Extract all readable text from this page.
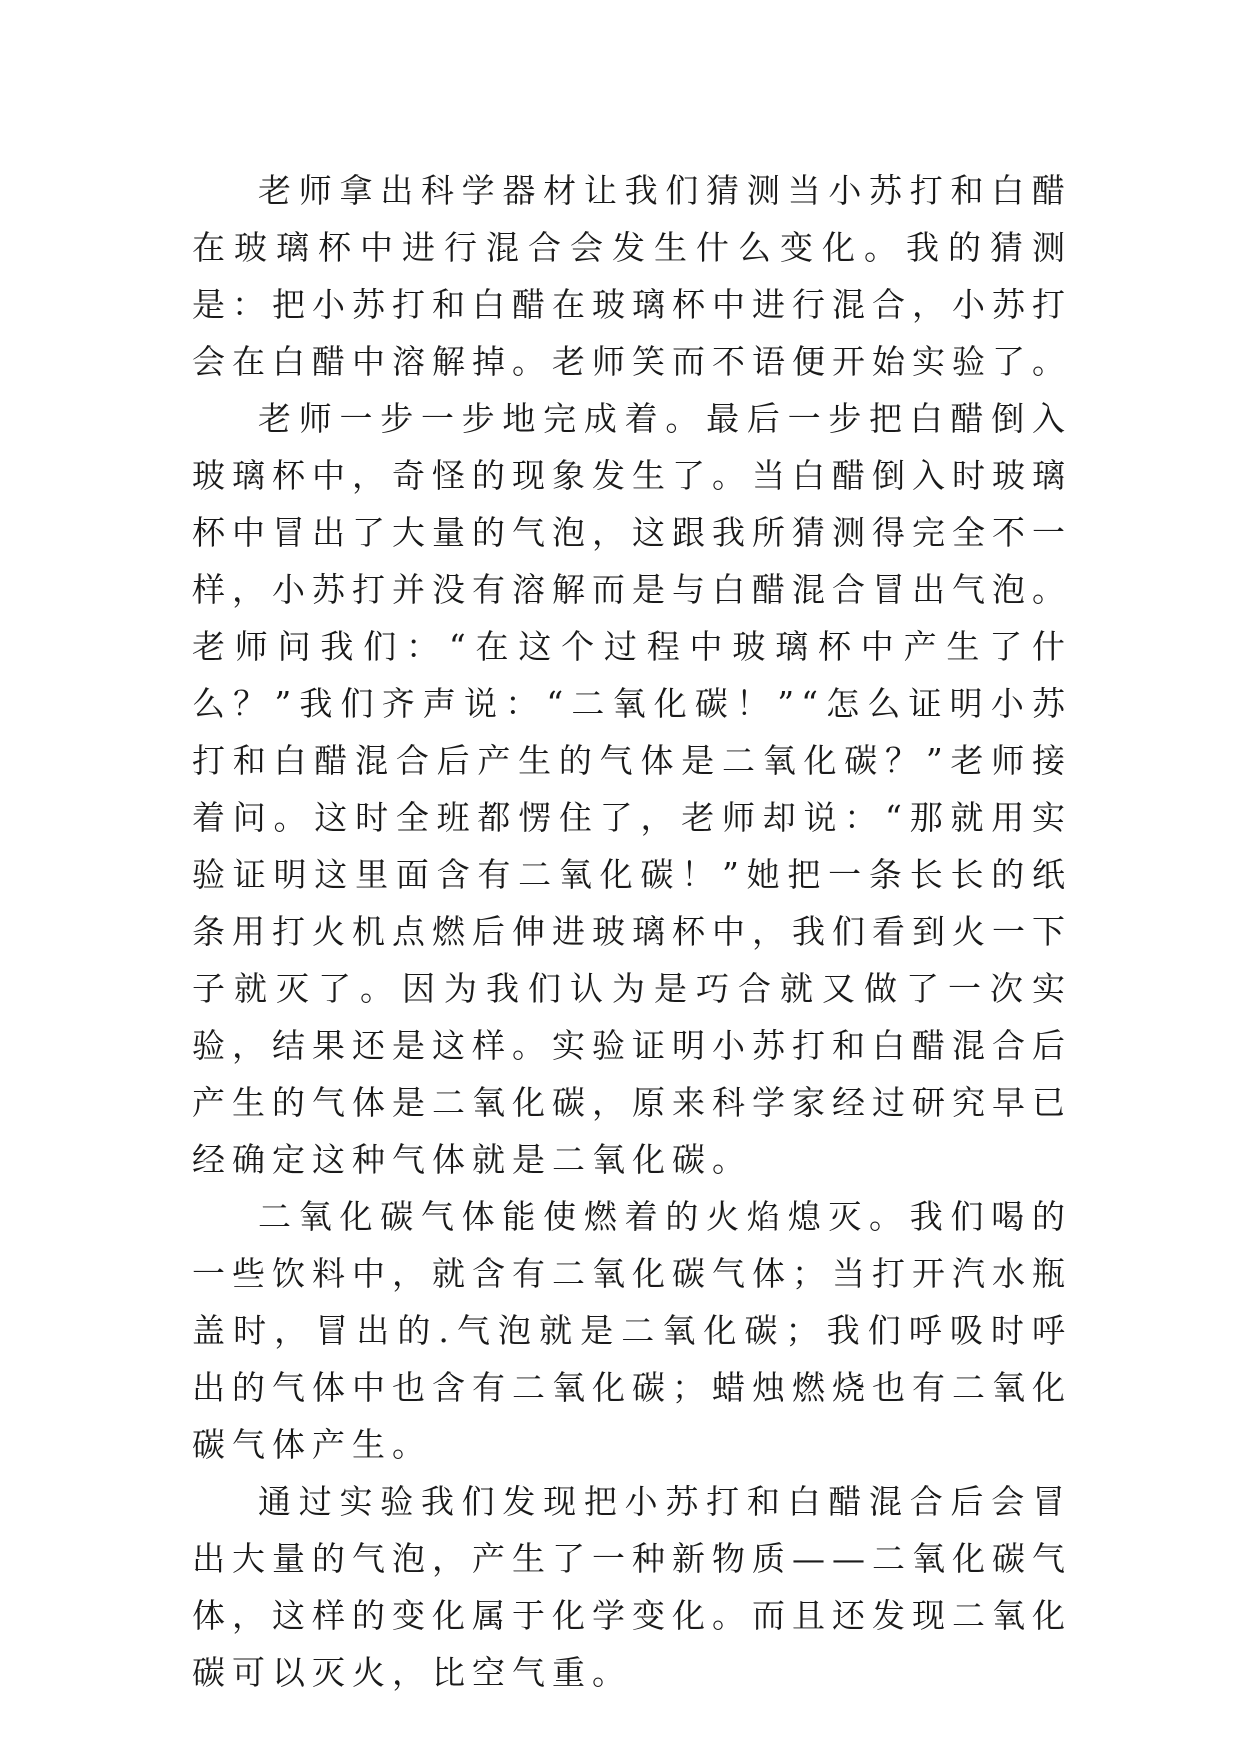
老师拿出科学器材让我们猜测当小苏打和白醋在玻璃杯中进行混合会发生什么变化。我的猜测是：把小苏打和白醋在玻璃杯中进行混合，小苏打会在白醋中溶解掉。老师笑而不语便开始实验了。

老师一步一步地完成着。最后一步把白醋倒入玻璃杯中，奇怪的现象发生了。当白醋倒入时玻璃杯中冒出了大量的气泡，这跟我所猜测得完全不一样，小苏打并没有溶解而是与白醋混合冒出气泡。老师问我们：“在这个过程中玻璃杯中产生了什么？”我们齐声说：“二氧化碳！”“怎么证明小苏打和白醋混合后产生的气体是二氧化碳？”老师接着问。这时全班都愣住了，老师却说：“那就用实验证明这里面含有二氧化碳！”她把一条长长的纸条用打火机点燃后伸进玻璃杯中，我们看到火一下子就灭了。因为我们认为是巧合就又做了一次实验，结果还是这样。实验证明小苏打和白醋混合后产生的气体是二氧化碳，原来科学家经过研究早已经确定这种气体就是二氧化碳。

二氧化碳气体能使燃着的火焰熄灭。我们喝的一些饮料中，就含有二氧化碳气体；当打开汽水瓶盖时，冒出的.气泡就是二氧化碳；我们呼吸时呼出的气体中也含有二氧化碳；蜡烛燃烧也有二氧化碳气体产生。

通过实验我们发现把小苏打和白醋混合后会冒出大量的气泡，产生了一种新物质——二氧化碳气体，这样的变化属于化学变化。而且还发现二氧化碳可以灭火，比空气重。
